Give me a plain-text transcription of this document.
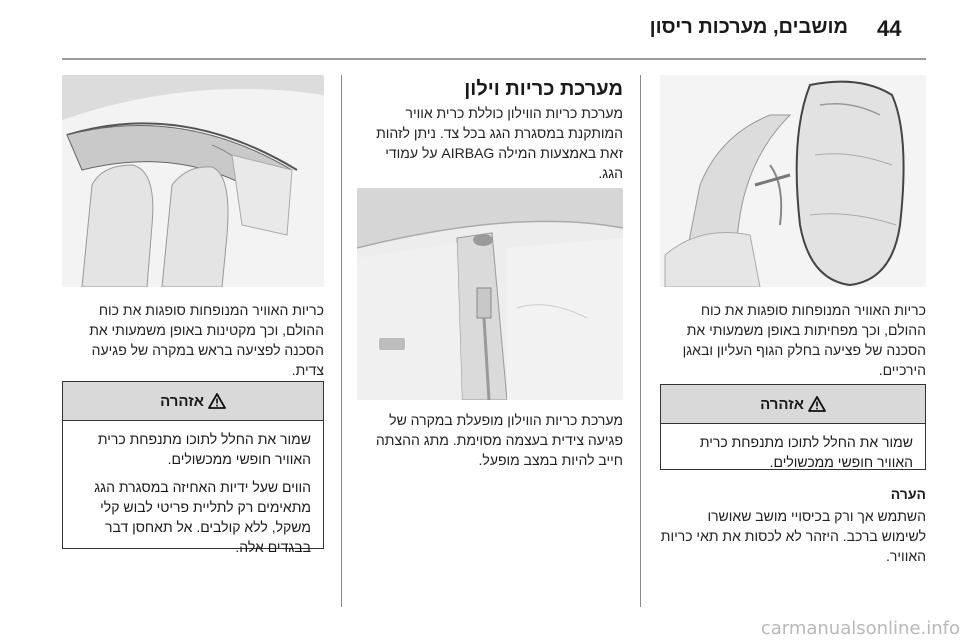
מושבים, מערכות ריסון 44
כריות האוויר המנופחות סופגות את כוח ההולם, וכך מפחיתות באופן משמעותי את הסכנה של פציעה בחלק הגוף העליון ובאגן הירכיים.
אזהרה

שמור את החלל לתוכו מתנפחת כרית האוויר חופשי ממכשולים.

הערה
השתמש אך ורק בכיסויי מושב שאושרו לשימוש ברכב. היזהר לא לכסות את תאי כריות האוויר.
מערכת כריות וילון
מערכת כריות הווילון כוללת כרית אוויר המותקנת במסגרת הגג בכל צד. ניתן לזהות זאת באמצעות המילה AIRBAG על עמודי הגג.
מערכת כריות הווילון מופעלת במקרה של פגיעה צידית בעצמה מסוימת. מתג ההצתה חייב להיות במצב מופעל.
כריות האוויר המנופחות סופגות את כוח ההולם, וכך מקטינות באופן משמעותי את הסכנה לפציעה בראש במקרה של פגיעה צדית.
אזהרה

שמור את החלל לתוכו מתנפחת כרית האוויר חופשי ממכשולים.

הווים שעל ידיות האחיזה במסגרת הגג מתאימים רק לתליית פריטי לבוש קלי משקל, ללא קולבים. אל תאחסן דבר בבגדים אלה.

carmanualsonline.info
